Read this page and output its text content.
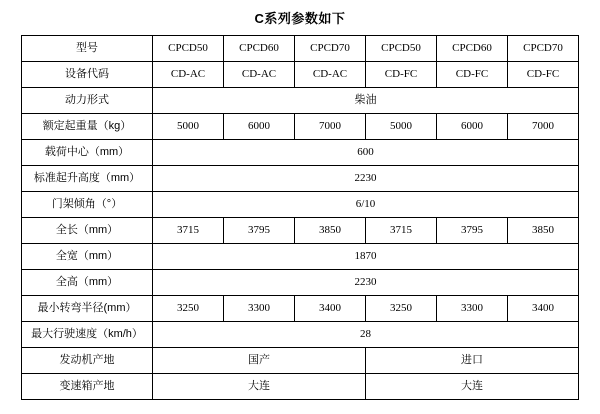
C系列参数如下
型号	CPCD50	CPCD60	CPCD70	CPCD50	CPCD60	CPCD70
设备代码	CD-AC	CD-AC	CD-AC	CD-FC	CD-FC	CD-FC
动力形式	柴油					
额定起重量（kg）	5000	6000	7000	5000	6000	7000
载荷中心（mm）	600					
标准起升高度（mm）	2230					
门架倾角（°）	6/10					
全长（mm）	3715	3795	3850	3715	3795	3850
全宽（mm）	1870					
全高（mm）	2230					
最小转弯半径(mm）	3250	3300	3400	3250	3300	3400
最大行驶速度（km/h）	28					
发动机产地	国产			进口		
变速箱产地	大连			大连		
